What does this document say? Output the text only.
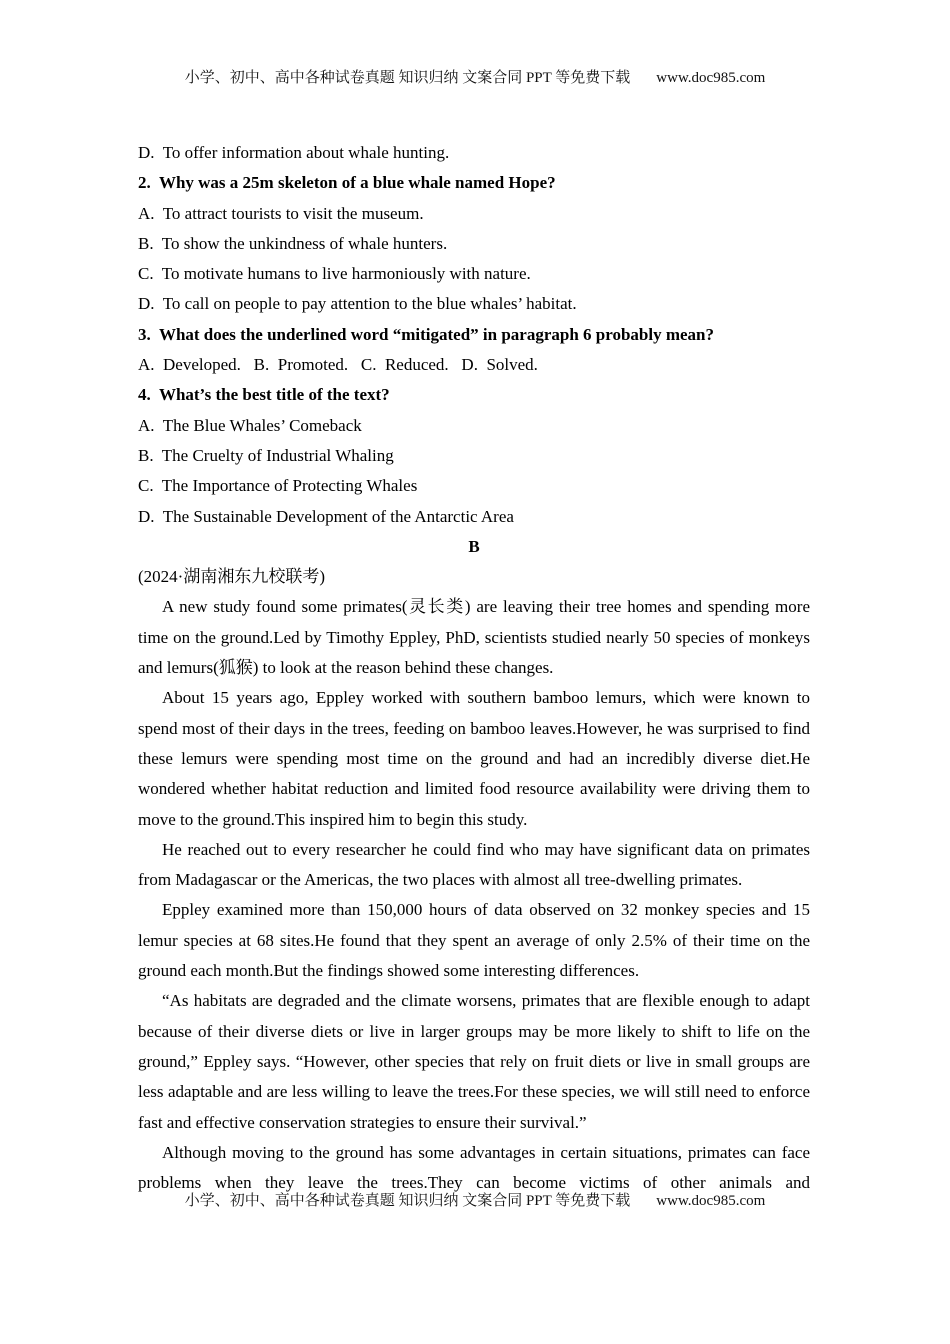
小学、初中、高中各种试卷真题 知识归纳 文案合同 PPT 等免费下载 www.doc985.com
D.  To offer information about whale hunting.
2.  Why was a 25m skeleton of a blue whale named Hope?
A.  To attract tourists to visit the museum.
B.  To show the unkindness of whale hunters.
C.  To motivate humans to live harmoniously with nature.
D.  To call on people to pay attention to the blue whales’ habitat.
3.  What does the underlined word “mitigated” in paragraph 6 probably mean?
A.  Developed.   B.  Promoted.   C.  Reduced.   D.  Solved.
4.  What’s the best title of the text?
A.  The Blue Whales’ Comeback
B.  The Cruelty of Industrial Whaling
C.  The Importance of Protecting Whales
D.  The Sustainable Development of the Antarctic Area
B
(2024·湖南湘东九校联考)

A new study found some primates(灵长类) are leaving their tree homes and spending more time on the ground.Led by Timothy Eppley, PhD, scientists studied nearly 50 species of monkeys and lemurs(狐猴) to look at the reason behind these changes.

About 15 years ago, Eppley worked with southern bamboo lemurs, which were known to spend most of their days in the trees, feeding on bamboo leaves.However, he was surprised to find these lemurs were spending most time on the ground and had an incredibly diverse diet.He wondered whether habitat reduction and limited food resource availability were driving them to move to the ground.This inspired him to begin this study.

He reached out to every researcher he could find who may have significant data on primates from Madagascar or the Americas, the two places with almost all tree-dwelling primates.

Eppley examined more than 150,000 hours of data observed on 32 monkey species and 15 lemur species at 68 sites.He found that they spent an average of only 2.5% of their time on the ground each month.But the findings showed some interesting differences.

“As habitats are degraded and the climate worsens, primates that are flexible enough to adapt because of their diverse diets or live in larger groups may be more likely to shift to life on the ground,” Eppley says. “However, other species that rely on fruit diets or live in small groups are less adaptable and are less willing to leave the trees.For these species, we will still need to enforce fast and effective conservation strategies to ensure their survival.”

Although moving to the ground has some advantages in certain situations, primates can face problems when they leave the trees.They can become victims of other animals and

小学、初中、高中各种试卷真题 知识归纳 文案合同 PPT 等免费下载 www.doc985.com
